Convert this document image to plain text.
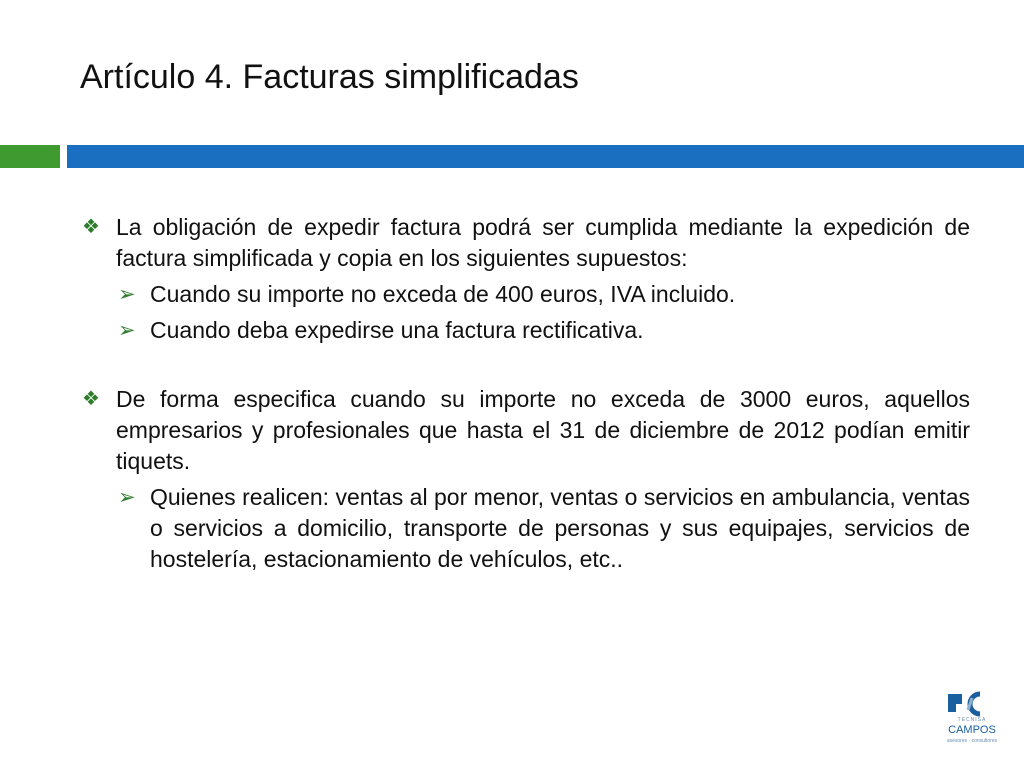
Artículo 4. Facturas simplificadas
❖ La obligación de expedir factura podrá ser cumplida mediante la expedición de factura simplificada y copia en los siguientes supuestos:
➢ Cuando su importe no exceda de 400 euros, IVA incluido.
➢ Cuando deba expedirse una factura rectificativa.
❖ De forma especifica cuando su importe no exceda de 3000 euros, aquellos empresarios y profesionales que hasta el 31 de diciembre de 2012 podían emitir tiquets.
➢ Quienes realicen: ventas al por menor, ventas o servicios en ambulancia, ventas o servicios a domicilio, transporte de personas y sus equipajes, servicios de hostelería, estacionamiento de vehículos, etc..
TECNISA
CAMPOS
asesores · consultores
